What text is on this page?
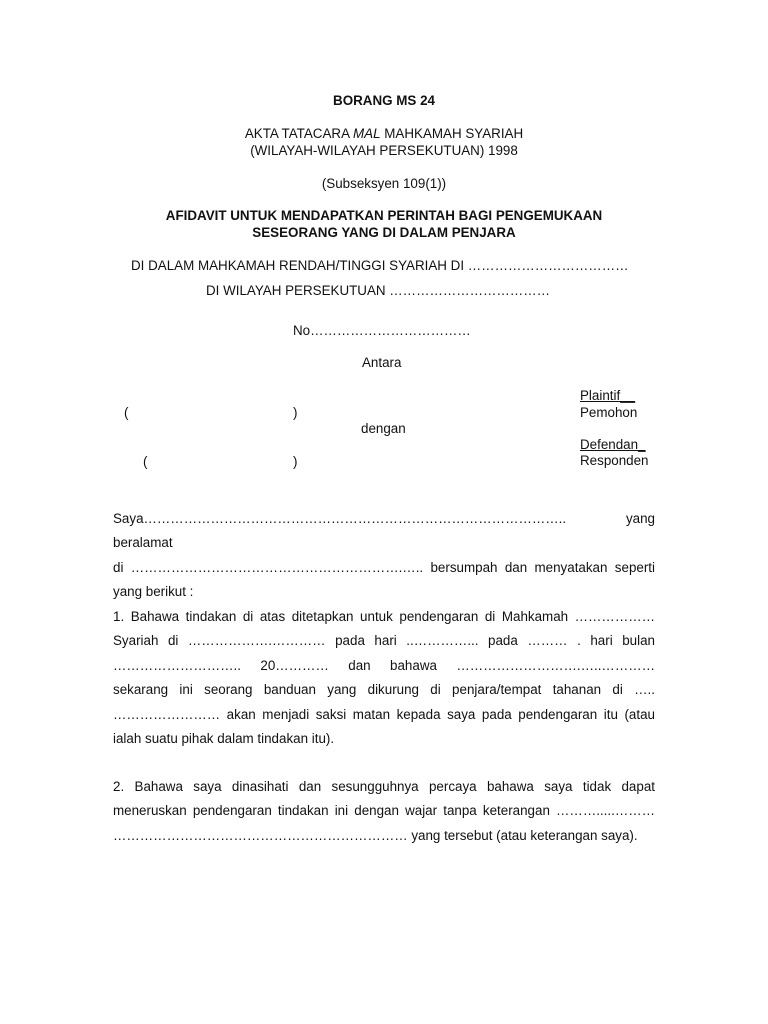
BORANG MS 24
AKTA TATACARA MAL MAHKAMAH SYARIAH
(WILAYAH-WILAYAH PERSEKUTUAN) 1998
(Subseksyen 109(1))
AFIDAVIT UNTUK MENDAPATKAN PERINTAH BAGI PENGEMUKAAN
SESEORANG YANG DI DALAM PENJARA
DI DALAM MAHKAMAH RENDAH/TINGGI SYARIAH DI ………………………………
DI WILAYAH PERSEKUTUAN ………………………………
No………………………………
Antara
Plaintif__
Pemohon
(	)
dengan
Defendan_
Responden
(	)
Saya………………………………………………………………………………….. yang beralamat
di …………………………………………………….….. bersumpah dan menyatakan seperti
yang berikut :
1. Bahawa tindakan di atas ditetapkan untuk pendengaran di Mahkamah ………………
Syariah di ……………….………… pada hari ..…………... pada ……… . hari bulan
……………………….. 20………… dan bahawa ……………………….…..…………
sekarang ini seorang banduan yang dikurung di penjara/tempat tahanan di …..
…………………… akan menjadi saksi matan kepada saya pada pendengaran itu (atau
ialah suatu pihak dalam tindakan itu).
2. Bahawa saya dinasihati dan sesungguhnya percaya bahawa saya tidak dapat
meneruskan pendengaran tindakan ini dengan wajar tanpa keterangan ……….....………
………………………………………………………… yang tersebut (atau keterangan saya).
